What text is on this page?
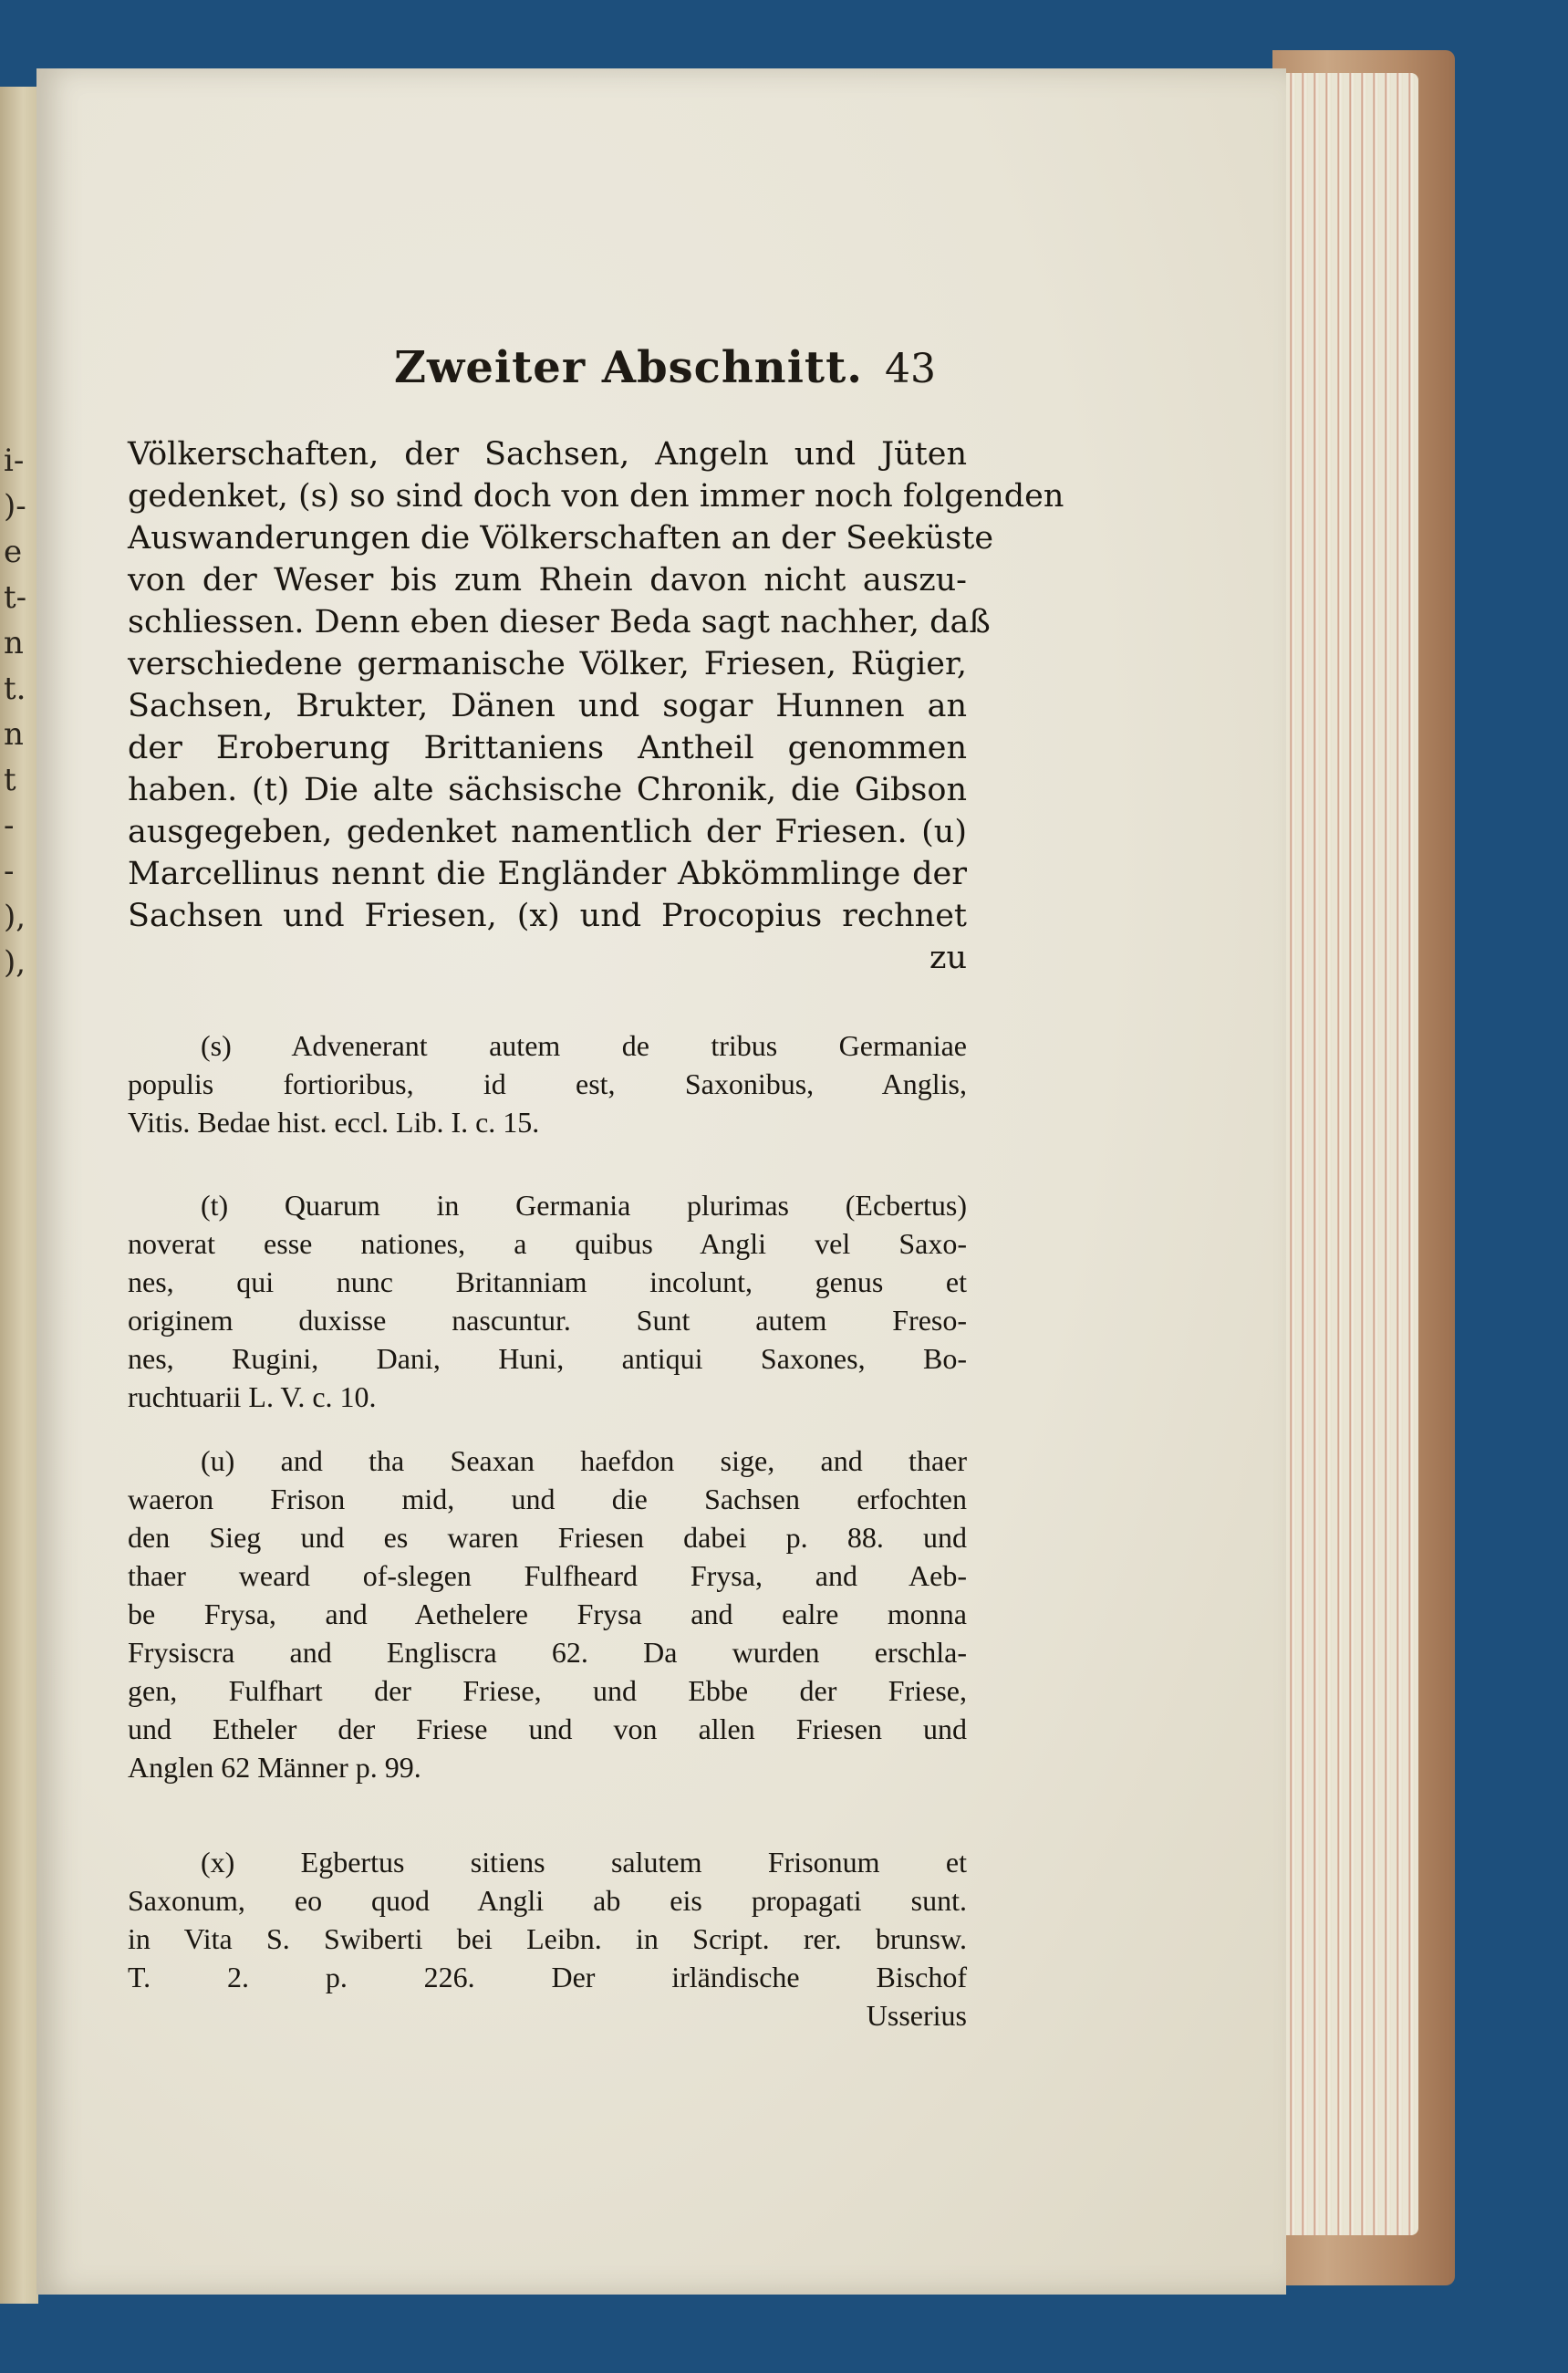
i-
)-
e
t-
n
t.
n
t
-
-
),
),
Zweiter Abschnitt. 43
Völkerschaften, der Sachsen, Angeln und Jüten
gedenket, (s) so sind doch von den immer noch folgenden
Auswanderungen die Völkerschaften an der Seeküste
von der Weser bis zum Rhein davon nicht auszu-
schliessen. Denn eben dieser Beda sagt nachher, daß
verschiedene germanische Völker, Friesen, Rügier,
Sachsen, Brukter, Dänen und sogar Hunnen an
der Eroberung Brittaniens Antheil genommen
haben. (t) Die alte sächsische Chronik, die Gibson
ausgegeben, gedenket namentlich der Friesen. (u)
Marcellinus nennt die Engländer Abkömmlinge der
Sachsen und Friesen, (x) und Procopius rechnet
zu
(s) Advenerant autem de tribus Germaniae
populis fortioribus, id est, Saxonibus, Anglis,
Vitis. Bedae hist. eccl. Lib. I. c. 15.
(t) Quarum in Germania plurimas (Ecbertus)
noverat esse nationes, a quibus Angli vel Saxo-
nes, qui nunc Britanniam incolunt, genus et
originem duxisse nascuntur. Sunt autem Freso-
nes, Rugini, Dani, Huni, antiqui Saxones, Bo-
ruchtuarii L. V. c. 10.
(u) and tha Seaxan haefdon sige, and thaer
waeron Frison mid, und die Sachsen erfochten
den Sieg und es waren Friesen dabei p. 88. und
thaer weard of-slegen Fulfheard Frysa, and Aeb-
be Frysa, and Aethelere Frysa and ealre monna
Frysiscra and Engliscra 62. Da wurden erschla-
gen, Fulfhart der Friese, und Ebbe der Friese,
und Etheler der Friese und von allen Friesen und
Anglen 62 Männer p. 99.
(x) Egbertus sitiens salutem Frisonum et
Saxonum, eo quod Angli ab eis propagati sunt.
in Vita S. Swiberti bei Leibn. in Script. rer. brunsw.
T. 2. p. 226. Der irländische Bischof
Usserius
